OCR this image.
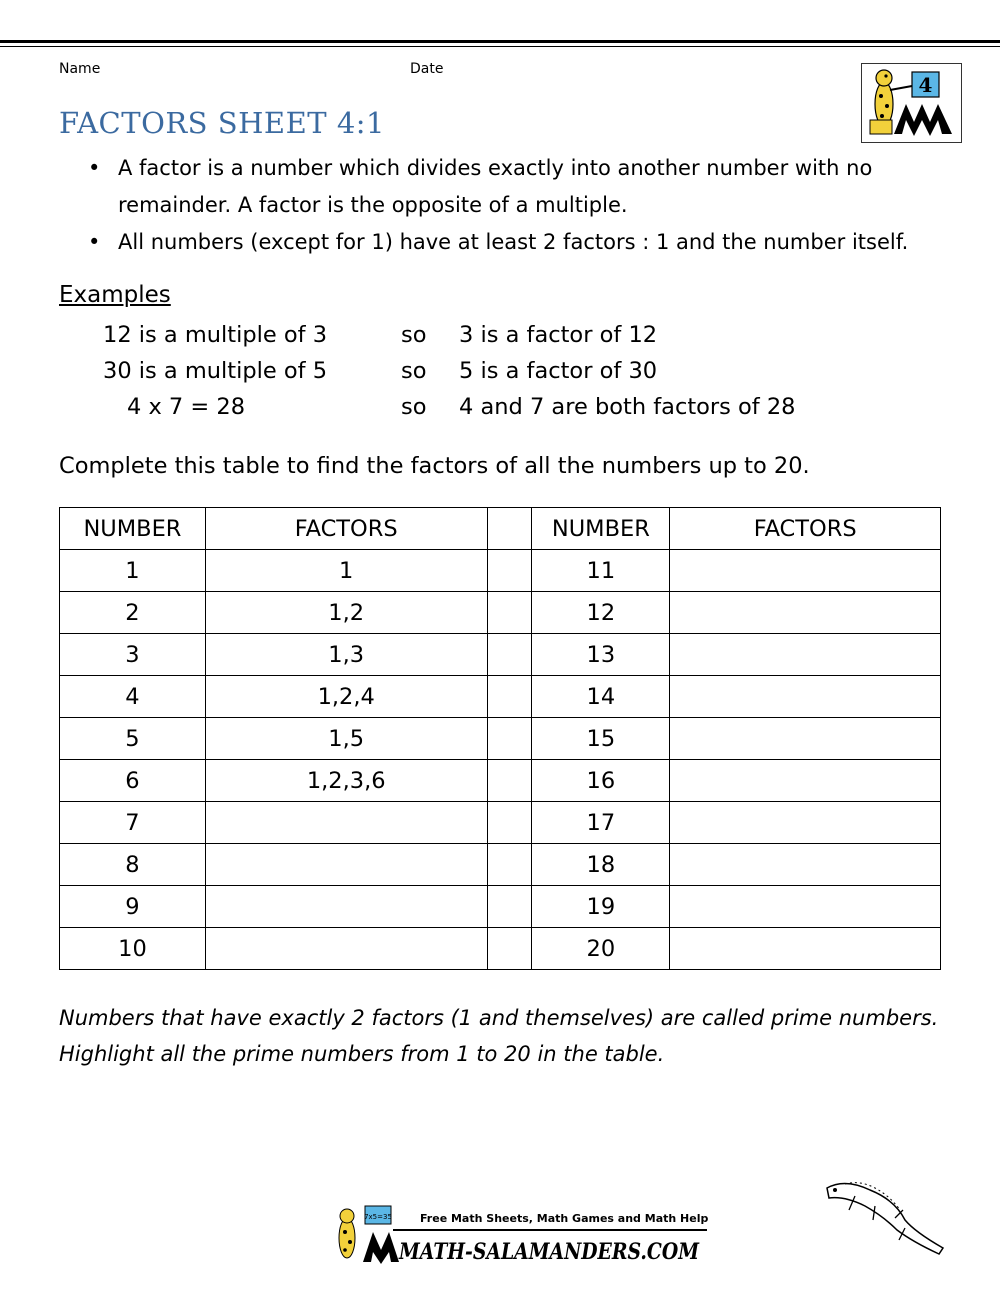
Name	Date
4
FACTORS SHEET 4:1
• A factor is a number which divides exactly into another number with no remainder. A factor is the opposite of a multiple.
• All numbers (except for 1) have at least 2 factors : 1 and the number itself.
Examples
12 is a multiple of 3	so 3 is a factor of 12
30 is a multiple of 5	so 5 is a factor of 30
4 x 7 = 28	so 4 and 7 are both factors of 28
Complete this table to find the factors of all the numbers up to 20.
NUMBER	FACTORS		NUMBER	FACTORS
1	1		11	
2	1,2		12	
3	1,3		13	
4	1,2,4		14	
5	1,5		15	
6	1,2,3,6		16	
7			17	
8			18	
9			19	
10			20	
Numbers that have exactly 2 factors (1 and themselves) are called prime numbers.
Highlight all the prime numbers from 1 to 20 in the table.
7x5=35	Free Math Sheets, Math Games and Math Help
MATH-SALAMANDERS.COM
